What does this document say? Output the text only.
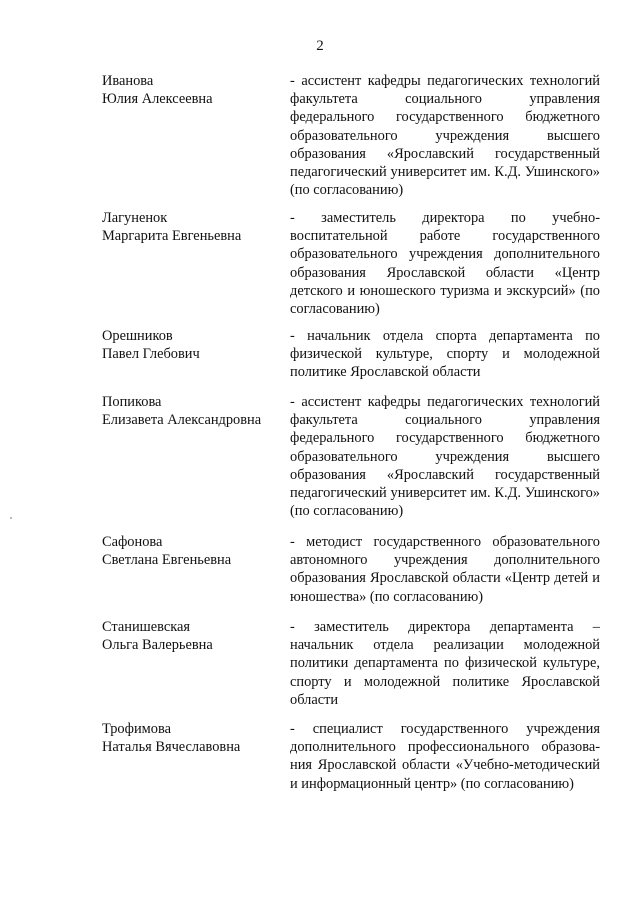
2
Иванова
Юлия Алексеевна
- ассистент кафедры педагогических технологий факультета социального управления федерального государственного бюджетного образовательного учреждения высшего образования «Ярославский государственный педагогический университет им. К.Д. Ушинского» (по согласованию)
Лагуненок
Маргарита Евгеньевна
- заместитель директора по учебно-воспитательной работе государственного образовательного учреждения дополнительного образования Ярославской области «Центр детского и юношеского туризма и экскурсий» (по согласованию)
Орешников
Павел Глебович
- начальник отдела спорта департамента по физической культуре, спорту и молодежной политике Ярославской области
Попикова
Елизавета Александровна
- ассистент кафедры педагогических технологий факультета социального управления федерального государственного бюджетного образовательного учреждения высшего образования «Ярославский государственный педагогический университет им. К.Д. Ушинского» (по согласованию)
Сафонова
Светлана Евгеньевна
- методист государственного образовательного автономного учреждения дополнительного образования Ярославской области «Центр детей и юношества» (по согласованию)
Станишевская
Ольга Валерьевна
- заместитель директора департамента – начальник отдела реализации молодежной политики департамента по физической культуре, спорту и молодежной политике Ярославской области
Трофимова
Наталья Вячеславовна
- специалист государственного учреждения дополнительного профессионального образования Ярославской области «Учебно-методический и информационный центр» (по согласованию)
